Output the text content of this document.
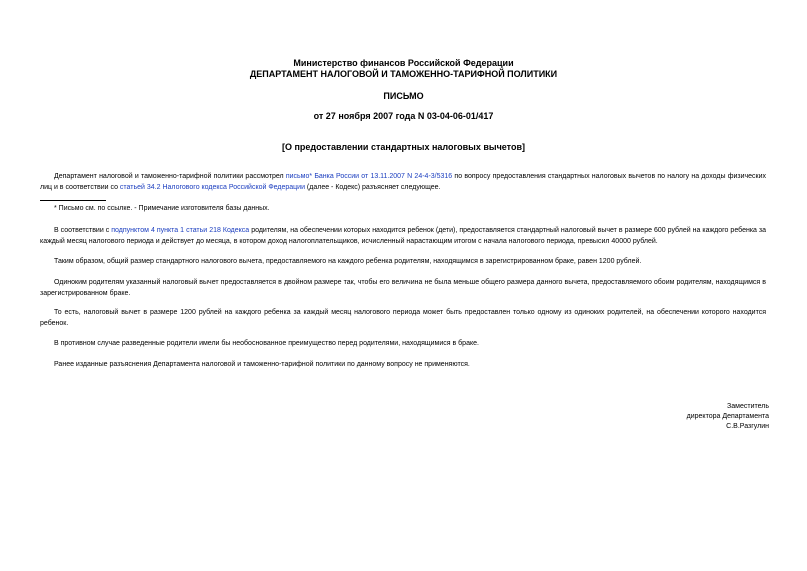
Министерство финансов Российской Федерации
ДЕПАРТАМЕНТ НАЛОГОВОЙ И ТАМОЖЕННО-ТАРИФНОЙ ПОЛИТИКИ
ПИСЬМО
от 27 ноября 2007 года N 03-04-06-01/417
[О предоставлении стандартных налоговых вычетов]
Департамент налоговой и таможенно-тарифной политики рассмотрел письмо* Банка России от 13.11.2007 N 24-4-3/5316 по вопросу предоставления стандартных налоговых вычетов по налогу на доходы физических лиц и в соответствии со статьей 34.2 Налогового кодекса Российской Федерации (далее - Кодекс) разъясняет следующее.
* Письмо см. по ссылке. - Примечание изготовителя базы данных.
В соответствии с подпунктом 4 пункта 1 статьи 218 Кодекса родителям, на обеспечении которых находится ребенок (дети), предоставляется стандартный налоговый вычет в размере 600 рублей на каждого ребенка за каждый месяц налогового периода и действует до месяца, в котором доход налогоплательщиков, исчисленный нарастающим итогом с начала налогового периода, превысил 40000 рублей.
Таким образом, общий размер стандартного налогового вычета, предоставляемого на каждого ребенка родителям, находящимся в зарегистрированном браке, равен 1200 рублей.
Одиноким родителям указанный налоговый вычет предоставляется в двойном размере так, чтобы его величина не была меньше общего размера данного вычета, предоставляемого обоим родителям, находящимся в зарегистрированном браке.
То есть, налоговый вычет в размере 1200 рублей на каждого ребенка за каждый месяц налогового периода может быть предоставлен только одному из одиноких родителей, на обеспечении которого находится ребенок.
В противном случае разведенные родители имели бы необоснованное преимущество перед родителями, находящимися в браке.
Ранее изданные разъяснения Департамента налоговой и таможенно-тарифной политики по данному вопросу не применяются.
Заместитель
директора Департамента
С.В.Разгулин
